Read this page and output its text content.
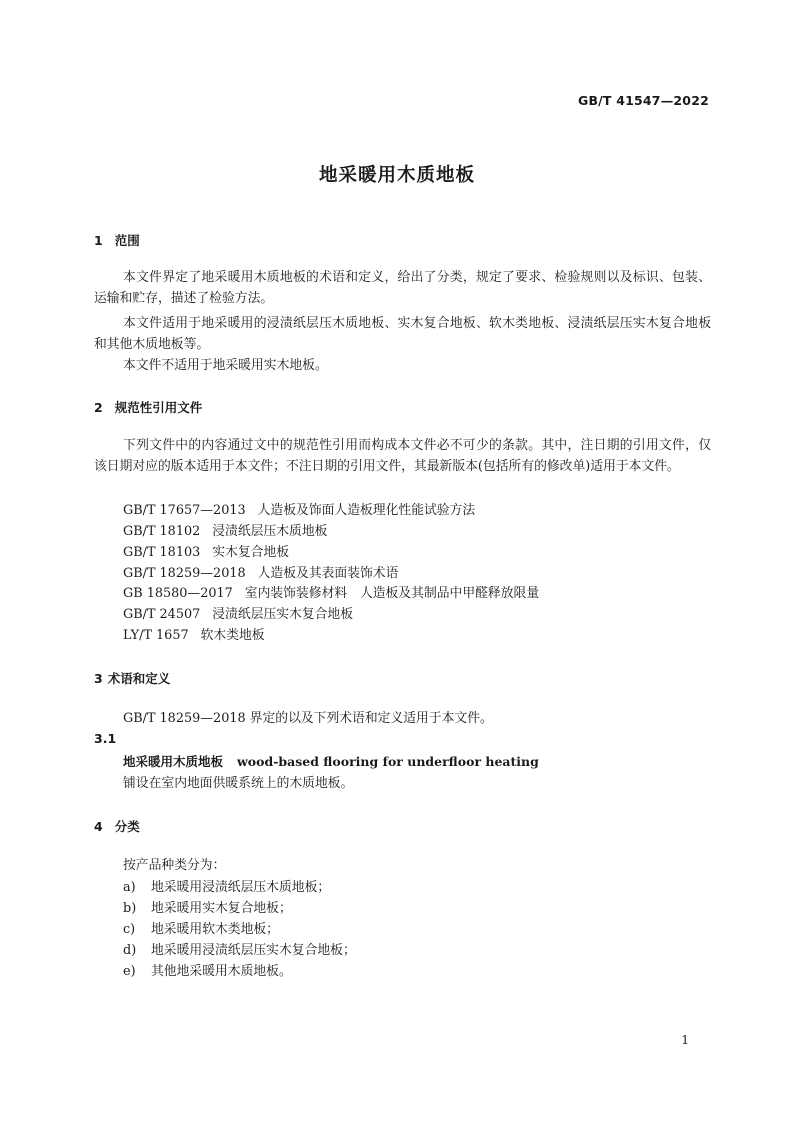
GB/T 41547—2022
地采暖用木质地板
1 范围
本文件界定了地采暖用木质地板的术语和定义，给出了分类，规定了要求、检验规则以及标识、包装、运输和贮存，描述了检验方法。
本文件适用于地采暖用的浸渍纸层压木质地板、实木复合地板、软木类地板、浸渍纸层压实木复合地板和其他木质地板等。
本文件不适用于地采暖用实木地板。
2 规范性引用文件
下列文件中的内容通过文中的规范性引用而构成本文件必不可少的条款。其中，注日期的引用文件，仅该日期对应的版本适用于本文件；不注日期的引用文件，其最新版本(包括所有的修改单)适用于本文件。
GB/T 17657—2013 人造板及饰面人造板理化性能试验方法
GB/T 18102 浸渍纸层压木质地板
GB/T 18103 实木复合地板
GB/T 18259—2018 人造板及其表面装饰术语
GB 18580—2017 室内装饰装修材料　人造板及其制品中甲醛释放限量
GB/T 24507 浸渍纸层压实木复合地板
LY/T 1657 软木类地板
3 术语和定义
GB/T 18259—2018 界定的以及下列术语和定义适用于本文件。
3.1
地采暖用木质地板 wood-based flooring for underfloor heating
铺设在室内地面供暖系统上的木质地板。
4 分类
按产品种类分为：
a) 地采暖用浸渍纸层压木质地板；
b) 地采暖用实木复合地板；
c) 地采暖用软木类地板；
d) 地采暖用浸渍纸层压实木复合地板；
e) 其他地采暖用木质地板。
1
